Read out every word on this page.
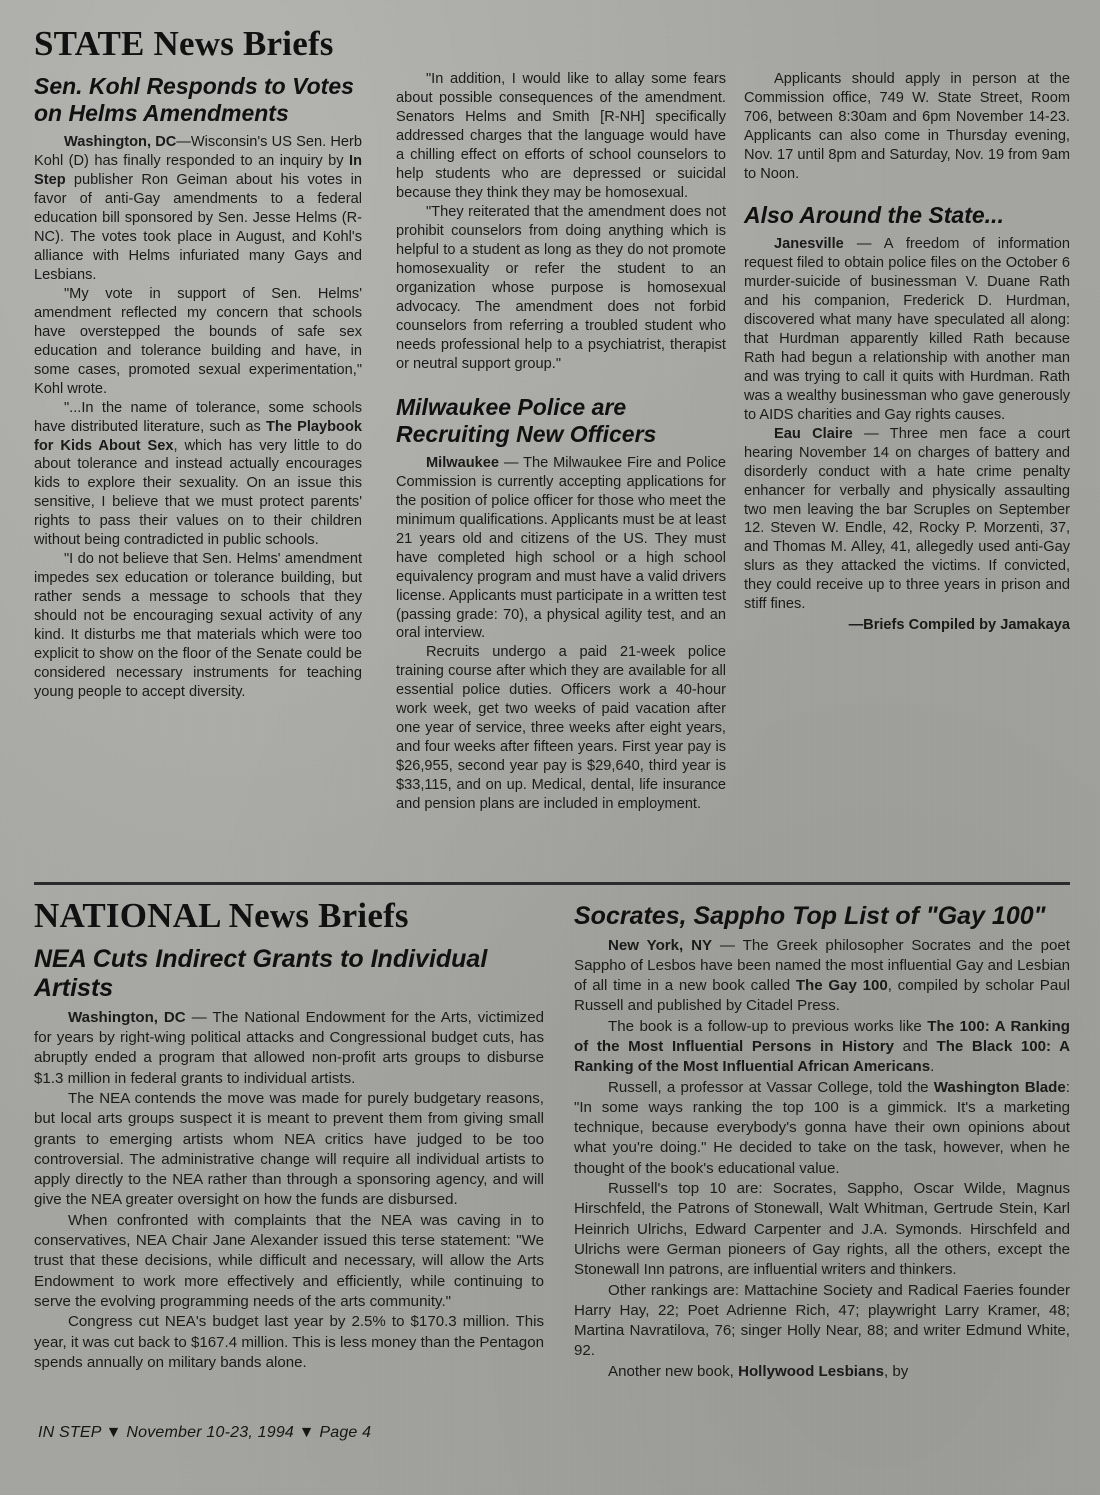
STATE News Briefs
Sen. Kohl Responds to Votes on Helms Amendments

Washington, DC—Wisconsin's US Sen. Herb Kohl (D) has finally responded to an inquiry by In Step publisher Ron Geiman about his votes in favor of anti-Gay amendments to a federal education bill sponsored by Sen. Jesse Helms (R-NC). The votes took place in August, and Kohl's alliance with Helms infuriated many Gays and Lesbians.

"My vote in support of Sen. Helms' amendment reflected my concern that schools have overstepped the bounds of safe sex education and tolerance building and have, in some cases, promoted sexual experimentation," Kohl wrote.

"...In the name of tolerance, some schools have distributed literature, such as The Playbook for Kids About Sex, which has very little to do about tolerance and instead actually encourages kids to explore their sexuality. On an issue this sensitive, I believe that we must protect parents' rights to pass their values on to their children without being contradicted in public schools.

"I do not believe that Sen. Helms' amendment impedes sex education or tolerance building, but rather sends a message to schools that they should not be encouraging sexual activity of any kind. It disturbs me that materials which were too explicit to show on the floor of the Senate could be considered necessary instruments for teaching young people to accept diversity.

"In addition, I would like to allay some fears about possible consequences of the amendment. Senators Helms and Smith [R-NH] specifically addressed charges that the language would have a chilling effect on efforts of school counselors to help students who are depressed or suicidal because they think they may be homosexual.

"They reiterated that the amendment does not prohibit counselors from doing anything which is helpful to a student as long as they do not promote homosexuality or refer the student to an organization whose purpose is homosexual advocacy. The amendment does not forbid counselors from referring a troubled student who needs professional help to a psychiatrist, therapist or neutral support group."

Milwaukee Police are Recruiting New Officers

Milwaukee — The Milwaukee Fire and Police Commission is currently accepting applications for the position of police officer for those who meet the minimum qualifications. Applicants must be at least 21 years old and citizens of the US. They must have completed high school or a high school equivalency program and must have a valid drivers license. Applicants must participate in a written test (passing grade: 70), a physical agility test, and an oral interview.

Recruits undergo a paid 21-week police training course after which they are available for all essential police duties. Officers work a 40-hour work week, get two weeks of paid vacation after one year of service, three weeks after eight years, and four weeks after fifteen years. First year pay is $26,955, second year pay is $29,640, third year is $33,115, and on up. Medical, dental, life insurance and pension plans are included in employment.

Applicants should apply in person at the Commission office, 749 W. State Street, Room 706, between 8:30am and 6pm November 14-23. Applicants can also come in Thursday evening, Nov. 17 until 8pm and Saturday, Nov. 19 from 9am to Noon.

Also Around the State...

Janesville — A freedom of information request filed to obtain police files on the October 6 murder-suicide of businessman V. Duane Rath and his companion, Frederick D. Hurdman, discovered what many have speculated all along: that Hurdman apparently killed Rath because Rath had begun a relationship with another man and was trying to call it quits with Hurdman. Rath was a wealthy businessman who gave generously to AIDS charities and Gay rights causes.

Eau Claire — Three men face a court hearing November 14 on charges of battery and disorderly conduct with a hate crime penalty enhancer for verbally and physically assaulting two men leaving the bar Scruples on September 12. Steven W. Endle, 42, Rocky P. Morzenti, 37, and Thomas M. Alley, 41, allegedly used anti-Gay slurs as they attacked the victims. If convicted, they could receive up to three years in prison and stiff fines.

—Briefs Compiled by Jamakaya
NATIONAL News Briefs
NEA Cuts Indirect Grants to Individual Artists

Washington, DC — The National Endowment for the Arts, victimized for years by right-wing political attacks and Congressional budget cuts, has abruptly ended a program that allowed non-profit arts groups to disburse $1.3 million in federal grants to individual artists.

The NEA contends the move was made for purely budgetary reasons, but local arts groups suspect it is meant to prevent them from giving small grants to emerging artists whom NEA critics have judged to be too controversial. The administrative change will require all individual artists to apply directly to the NEA rather than through a sponsoring agency, and will give the NEA greater oversight on how the funds are disbursed.

When confronted with complaints that the NEA was caving in to conservatives, NEA Chair Jane Alexander issued this terse statement: "We trust that these decisions, while difficult and necessary, will allow the Arts Endowment to work more effectively and efficiently, while continuing to serve the evolving programming needs of the arts community."

Congress cut NEA's budget last year by 2.5% to $170.3 million. This year, it was cut back to $167.4 million. This is less money than the Pentagon spends annually on military bands alone.

Socrates, Sappho Top List of "Gay 100"

New York, NY — The Greek philosopher Socrates and the poet Sappho of Lesbos have been named the most influential Gay and Lesbian of all time in a new book called The Gay 100, compiled by scholar Paul Russell and published by Citadel Press.

The book is a follow-up to previous works like The 100: A Ranking of the Most Influential Persons in History and The Black 100: A Ranking of the Most Influential African Americans.

Russell, a professor at Vassar College, told the Washington Blade: "In some ways ranking the top 100 is a gimmick. It's a marketing technique, because everybody's gonna have their own opinions about what you're doing." He decided to take on the task, however, when he thought of the book's educational value.

Russell's top 10 are: Socrates, Sappho, Oscar Wilde, Magnus Hirschfeld, the Patrons of Stonewall, Walt Whitman, Gertrude Stein, Karl Heinrich Ulrichs, Edward Carpenter and J.A. Symonds. Hirschfeld and Ulrichs were German pioneers of Gay rights, all the others, except the Stonewall Inn patrons, are influential writers and thinkers.

Other rankings are: Mattachine Society and Radical Faeries founder Harry Hay, 22; Poet Adrienne Rich, 47; playwright Larry Kramer, 48; Martina Navratilova, 76; singer Holly Near, 88; and writer Edmund White, 92.

Another new book, Hollywood Lesbians, by

IN STEP ▼ November 10-23, 1994 ▼ Page 4
